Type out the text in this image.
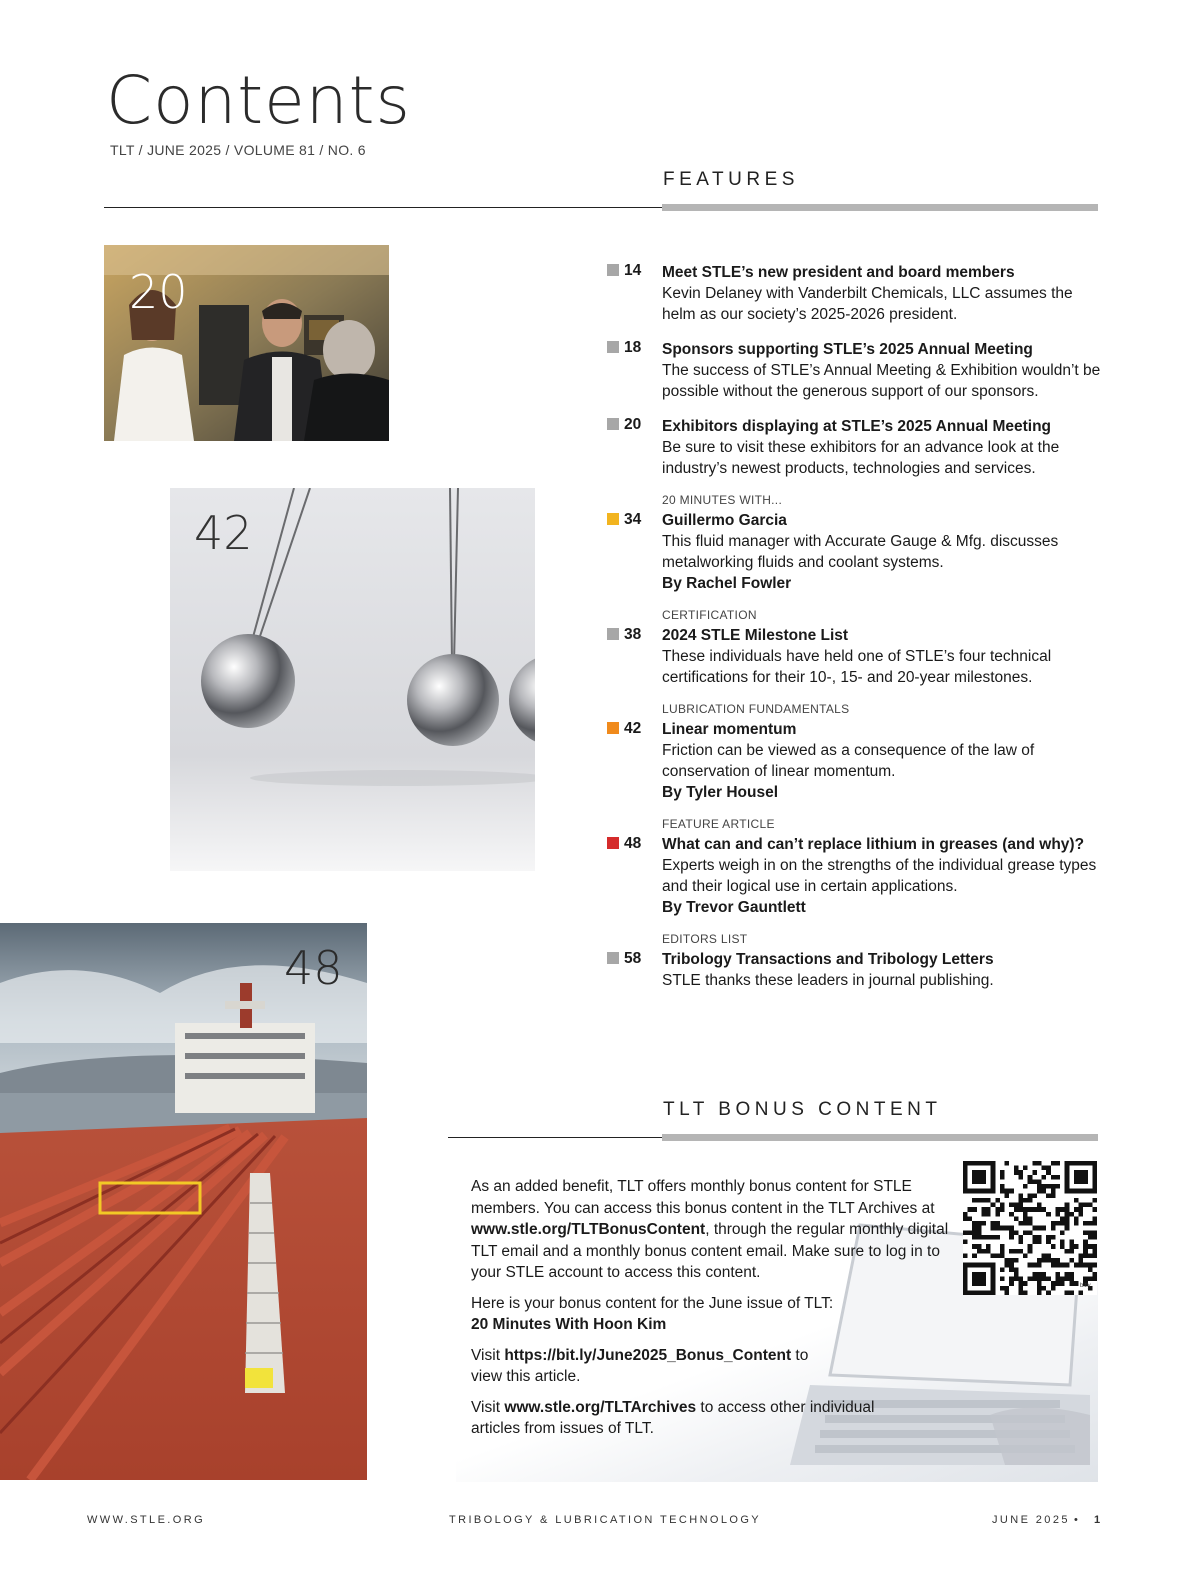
Contents
TLT / JUNE 2025 / VOLUME 81 / NO. 6
FEATURES
20
42
48
14	Meet STLE’s new president and board members
Kevin Delaney with Vanderbilt Chemicals, LLC assumes the helm as our society’s 2025-2026 president.
18	Sponsors supporting STLE’s 2025 Annual Meeting
The success of STLE’s Annual Meeting & Exhibition wouldn’t be possible without the generous support of our sponsors.
20	Exhibitors displaying at STLE’s 2025 Annual Meeting
Be sure to visit these exhibitors for an advance look at the industry’s newest products, technologies and services.
20 MINUTES WITH...
34	Guillermo Garcia
This fluid manager with Accurate Gauge & Mfg. discusses metalworking fluids and coolant systems.
By Rachel Fowler
CERTIFICATION
38	2024 STLE Milestone List
These individuals have held one of STLE’s four technical certifications for their 10-, 15- and 20-year milestones.
LUBRICATION FUNDAMENTALS
42	Linear momentum
Friction can be viewed as a consequence of the law of conservation of linear momentum.
By Tyler Housel
FEATURE ARTICLE
48	What can and can’t replace lithium in greases (and why)?
Experts weigh in on the strengths of the individual grease types and their logical use in certain applications.
By Trevor Gauntlett
EDITORS LIST
58	Tribology Transactions and Tribology Letters
STLE thanks these leaders in journal publishing.
TLT BONUS CONTENT
bitly

As an added benefit, TLT offers monthly bonus content for STLE members. You can access this bonus content in the TLT Archives at www.stle.org/TLTBonusContent, through the regular monthly digital TLT email and a monthly bonus content email. Make sure to log in to your STLE account to access this content.

Here is your bonus content for the June issue of TLT:
20 Minutes With Hoon Kim

Visit https://bit.ly/June2025_Bonus_Content to view this article.

Visit www.stle.org/TLTArchives to access other individual articles from issues of TLT.

WWW.STLE.ORG	TRIBOLOGY & LUBRICATION TECHNOLOGY	JUNE 2025 • 1
